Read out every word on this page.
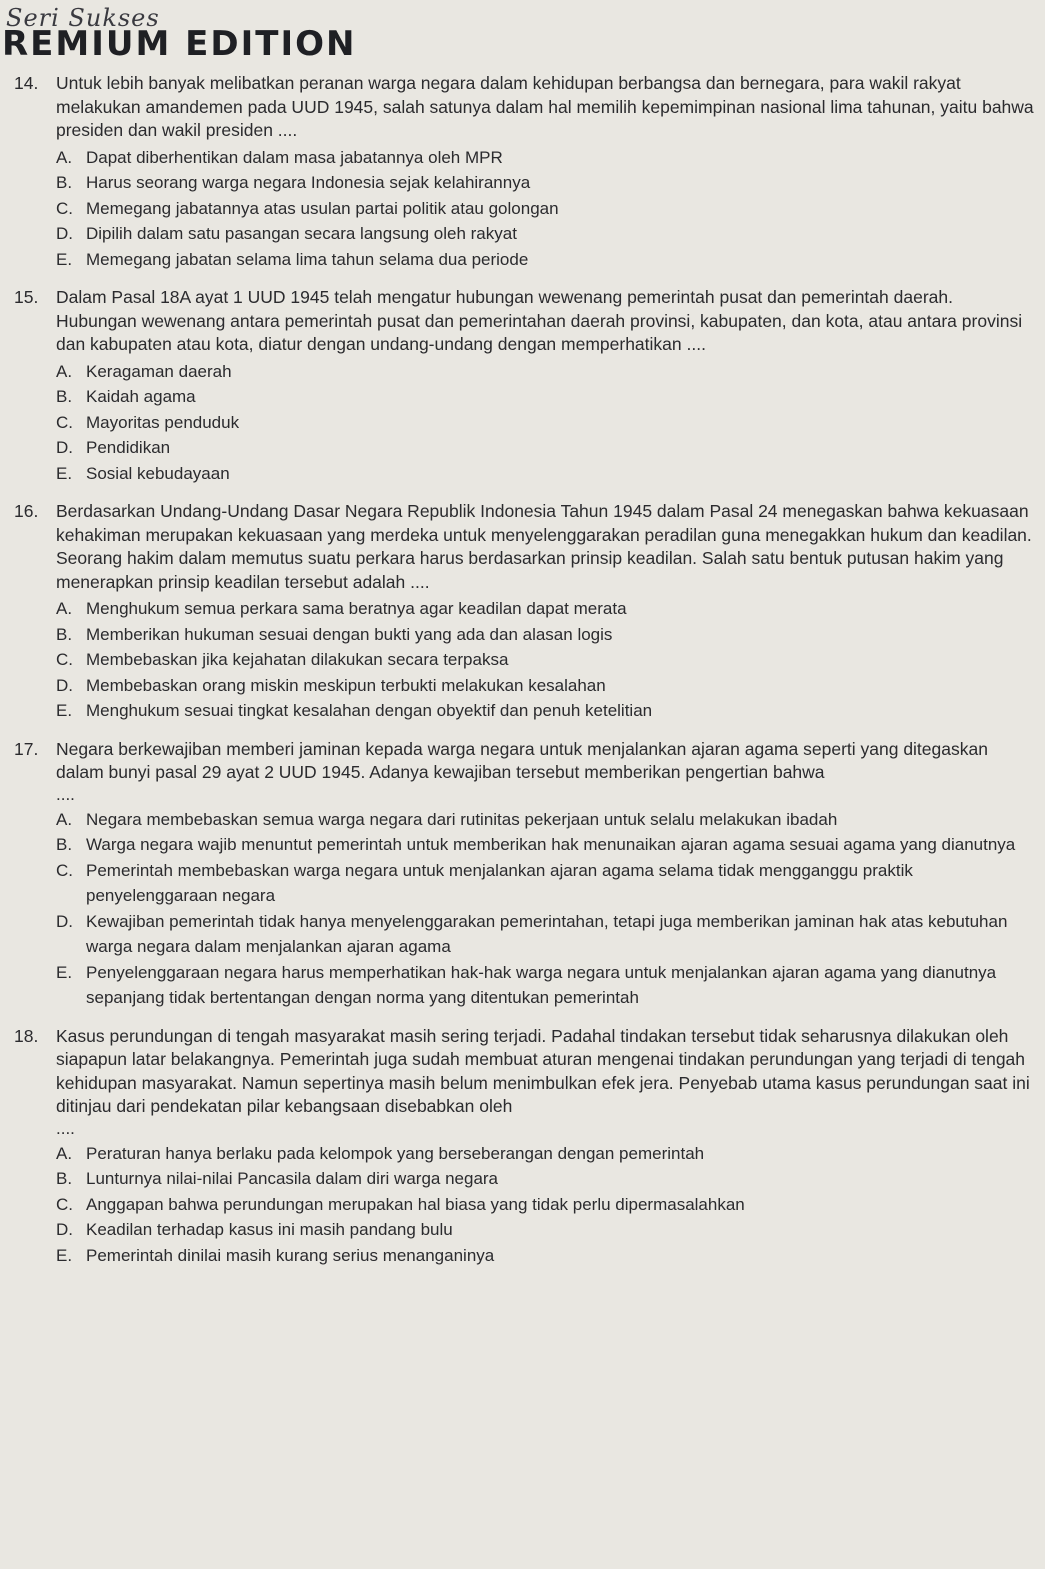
Seri Sukses
REMIUM EDITION
14.	Untuk lebih banyak melibatkan peranan warga negara dalam kehidupan berbangsa dan bernegara, para wakil rakyat melakukan amandemen pada UUD 1945, salah satunya dalam hal memilih kepemimpinan nasional lima tahunan, yaitu bahwa presiden dan wakil presiden ....
A. Dapat diberhentikan dalam masa jabatannya oleh MPR
B. Harus seorang warga negara Indonesia sejak kelahirannya
C. Memegang jabatannya atas usulan partai politik atau golongan
D. Dipilih dalam satu pasangan secara langsung oleh rakyat
E. Memegang jabatan selama lima tahun selama dua periode
15.	Dalam Pasal 18A ayat 1 UUD 1945 telah mengatur hubungan wewenang pemerintah pusat dan pemerintah daerah. Hubungan wewenang antara pemerintah pusat dan pemerintahan daerah provinsi, kabupaten, dan kota, atau antara provinsi dan kabupaten atau kota, diatur dengan undang-undang dengan memperhatikan ....
A. Keragaman daerah
B. Kaidah agama
C. Mayoritas penduduk
D. Pendidikan
E. Sosial kebudayaan
16.	Berdasarkan Undang-Undang Dasar Negara Republik Indonesia Tahun 1945 dalam Pasal 24 menegaskan bahwa kekuasaan kehakiman merupakan kekuasaan yang merdeka untuk menyelenggarakan peradilan guna menegakkan hukum dan keadilan. Seorang hakim dalam memutus suatu perkara harus berdasarkan prinsip keadilan. Salah satu bentuk putusan hakim yang menerapkan prinsip keadilan tersebut adalah ....
A. Menghukum semua perkara sama beratnya agar keadilan dapat merata
B. Memberikan hukuman sesuai dengan bukti yang ada dan alasan logis
C. Membebaskan jika kejahatan dilakukan secara terpaksa
D. Membebaskan orang miskin meskipun terbukti melakukan kesalahan
E. Menghukum sesuai tingkat kesalahan dengan obyektif dan penuh ketelitian
17.	Negara berkewajiban memberi jaminan kepada warga negara untuk menjalankan ajaran agama seperti yang ditegaskan dalam bunyi pasal 29 ayat 2 UUD 1945. Adanya kewajiban tersebut memberikan pengertian bahwa
....
A. Negara membebaskan semua warga negara dari rutinitas pekerjaan untuk selalu melakukan ibadah
B. Warga negara wajib menuntut pemerintah untuk memberikan hak menunaikan ajaran agama sesuai agama yang dianutnya
C. Pemerintah membebaskan warga negara untuk menjalankan ajaran agama selama tidak mengganggu praktik penyelenggaraan negara
D. Kewajiban pemerintah tidak hanya menyelenggarakan pemerintahan, tetapi juga memberikan jaminan hak atas kebutuhan warga negara dalam menjalankan ajaran agama
E. Penyelenggaraan negara harus memperhatikan hak-hak warga negara untuk menjalankan ajaran agama yang dianutnya sepanjang tidak bertentangan dengan norma yang ditentukan pemerintah
18.	Kasus perundungan di tengah masyarakat masih sering terjadi. Padahal tindakan tersebut tidak seharusnya dilakukan oleh siapapun latar belakangnya. Pemerintah juga sudah membuat aturan mengenai tindakan perundungan yang terjadi di tengah kehidupan masyarakat. Namun sepertinya masih belum menimbulkan efek jera. Penyebab utama kasus perundungan saat ini ditinjau dari pendekatan pilar kebangsaan disebabkan oleh
....
A. Peraturan hanya berlaku pada kelompok yang berseberangan dengan pemerintah
B. Lunturnya nilai-nilai Pancasila dalam diri warga negara
C. Anggapan bahwa perundungan merupakan hal biasa yang tidak perlu dipermasalahkan
D. Keadilan terhadap kasus ini masih pandang bulu
E. Pemerintah dinilai masih kurang serius menanganinya
